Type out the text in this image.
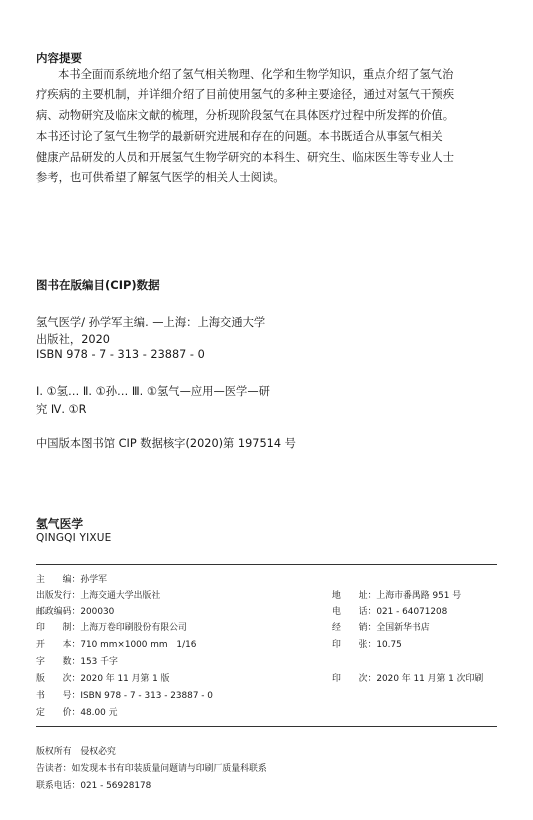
内容提要
本书全面而系统地介绍了氢气相关物理、化学和生物学知识，重点介绍了氢气治
疗疾病的主要机制，并详细介绍了目前使用氢气的多种主要途径，通过对氢气干预疾
病、动物研究及临床文献的梳理，分析现阶段氢气在具体医疗过程中所发挥的价值。
本书还讨论了氢气生物学的最新研究进展和存在的问题。本书既适合从事氢气相关
健康产品研发的人员和开展氢气生物学研究的本科生、研究生、临床医生等专业人士
参考，也可供希望了解氢气医学的相关人士阅读。
图书在版编目(CIP)数据
氢气医学/ 孙学军主编. —上海：上海交通大学
出版社，2020
ISBN 978 - 7 - 313 - 23887 - 0
Ⅰ. ①氢… Ⅱ. ①孙… Ⅲ. ①氢气—应用—医学—研
究 Ⅳ. ①R
中国版本图书馆 CIP 数据核字(2020)第 197514 号
氢气医学
QINGQI YIXUE
主　　编：孙学军
出版发行：上海交通大学出版社
邮政编码：200030
印　　制：上海万卷印刷股份有限公司
开　　本：710 mm×1000 mm　1/16
字　　数：153 千字
版　　次：2020 年 11 月第 1 版
书　　号：ISBN 978 - 7 - 313 - 23887 - 0
定　　价：48.00 元
地　　址：上海市番禺路 951 号
电　　话：021 - 64071208
经　　销：全国新华书店
印　　张：10.75
印　　次：2020 年 11 月第 1 次印刷
版权所有　侵权必究
告读者：如发现本书有印装质量问题请与印刷厂质量科联系
联系电话：021 - 56928178
